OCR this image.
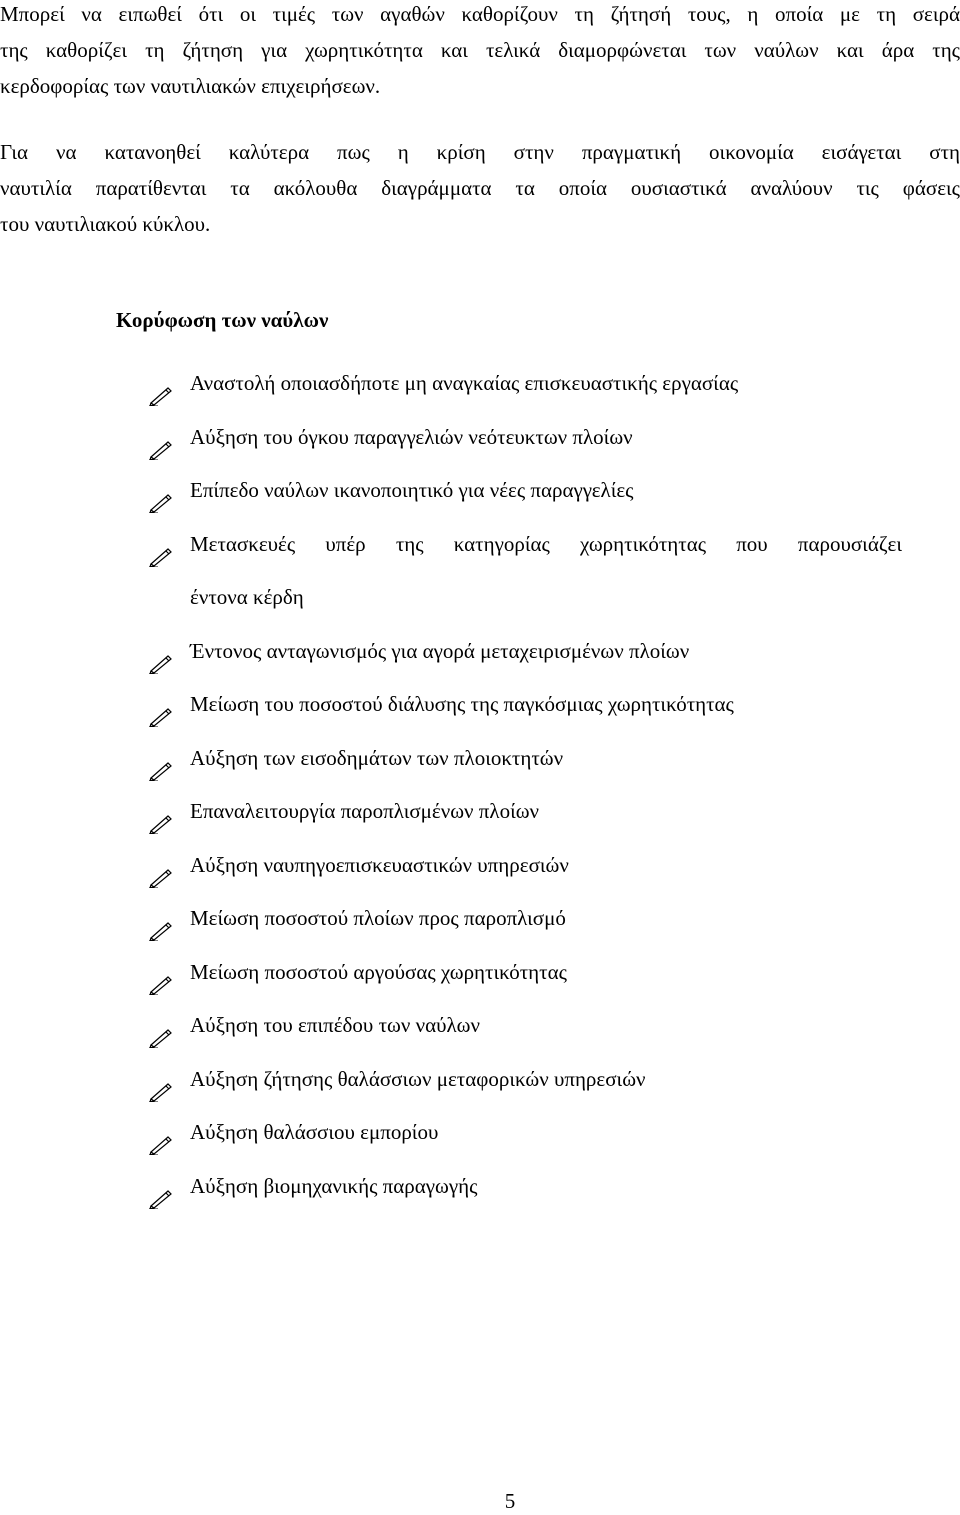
Μπορεί να ειπωθεί ότι οι τιμές των αγαθών καθορίζουν τη ζήτησή τους, η οποία με τη σειρά
της καθορίζει τη ζήτηση για χωρητικότητα και τελικά διαμορφώνεται των ναύλων και άρα της
κερδοφορίας των ναυτιλιακών επιχειρήσεων.
Για να κατανοηθεί καλύτερα πως η κρίση στην πραγματική οικονομία εισάγεται στη
ναυτιλία παρατίθενται τα ακόλουθα διαγράμματα τα οποία ουσιαστικά αναλύουν τις φάσεις
του ναυτιλιακού κύκλου.
Κορύφωση των ναύλων
Αναστολή οποιασδήποτε μη αναγκαίας επισκευαστικής εργασίας
Αύξηση του όγκου παραγγελιών νεότευκτων πλοίων
Επίπεδο ναύλων ικανοποιητικό για νέες παραγγελίες
Μετασκευές υπέρ της κατηγορίας χωρητικότητας που παρουσιάζει
έντονα κέρδη
Έντονος ανταγωνισμός για αγορά μεταχειρισμένων πλοίων
Μείωση του ποσοστού διάλυσης της παγκόσμιας χωρητικότητας
Αύξηση των εισοδημάτων των πλοιοκτητών
Επαναλειτουργία παροπλισμένων πλοίων
Αύξηση ναυπηγοεπισκευαστικών υπηρεσιών
Μείωση ποσοστού πλοίων προς παροπλισμό
Μείωση ποσοστού αργούσας χωρητικότητας
Αύξηση του επιπέδου των ναύλων
Αύξηση ζήτησης θαλάσσιων μεταφορικών υπηρεσιών
Αύξηση θαλάσσιου εμπορίου
Αύξηση βιομηχανικής παραγωγής
5
